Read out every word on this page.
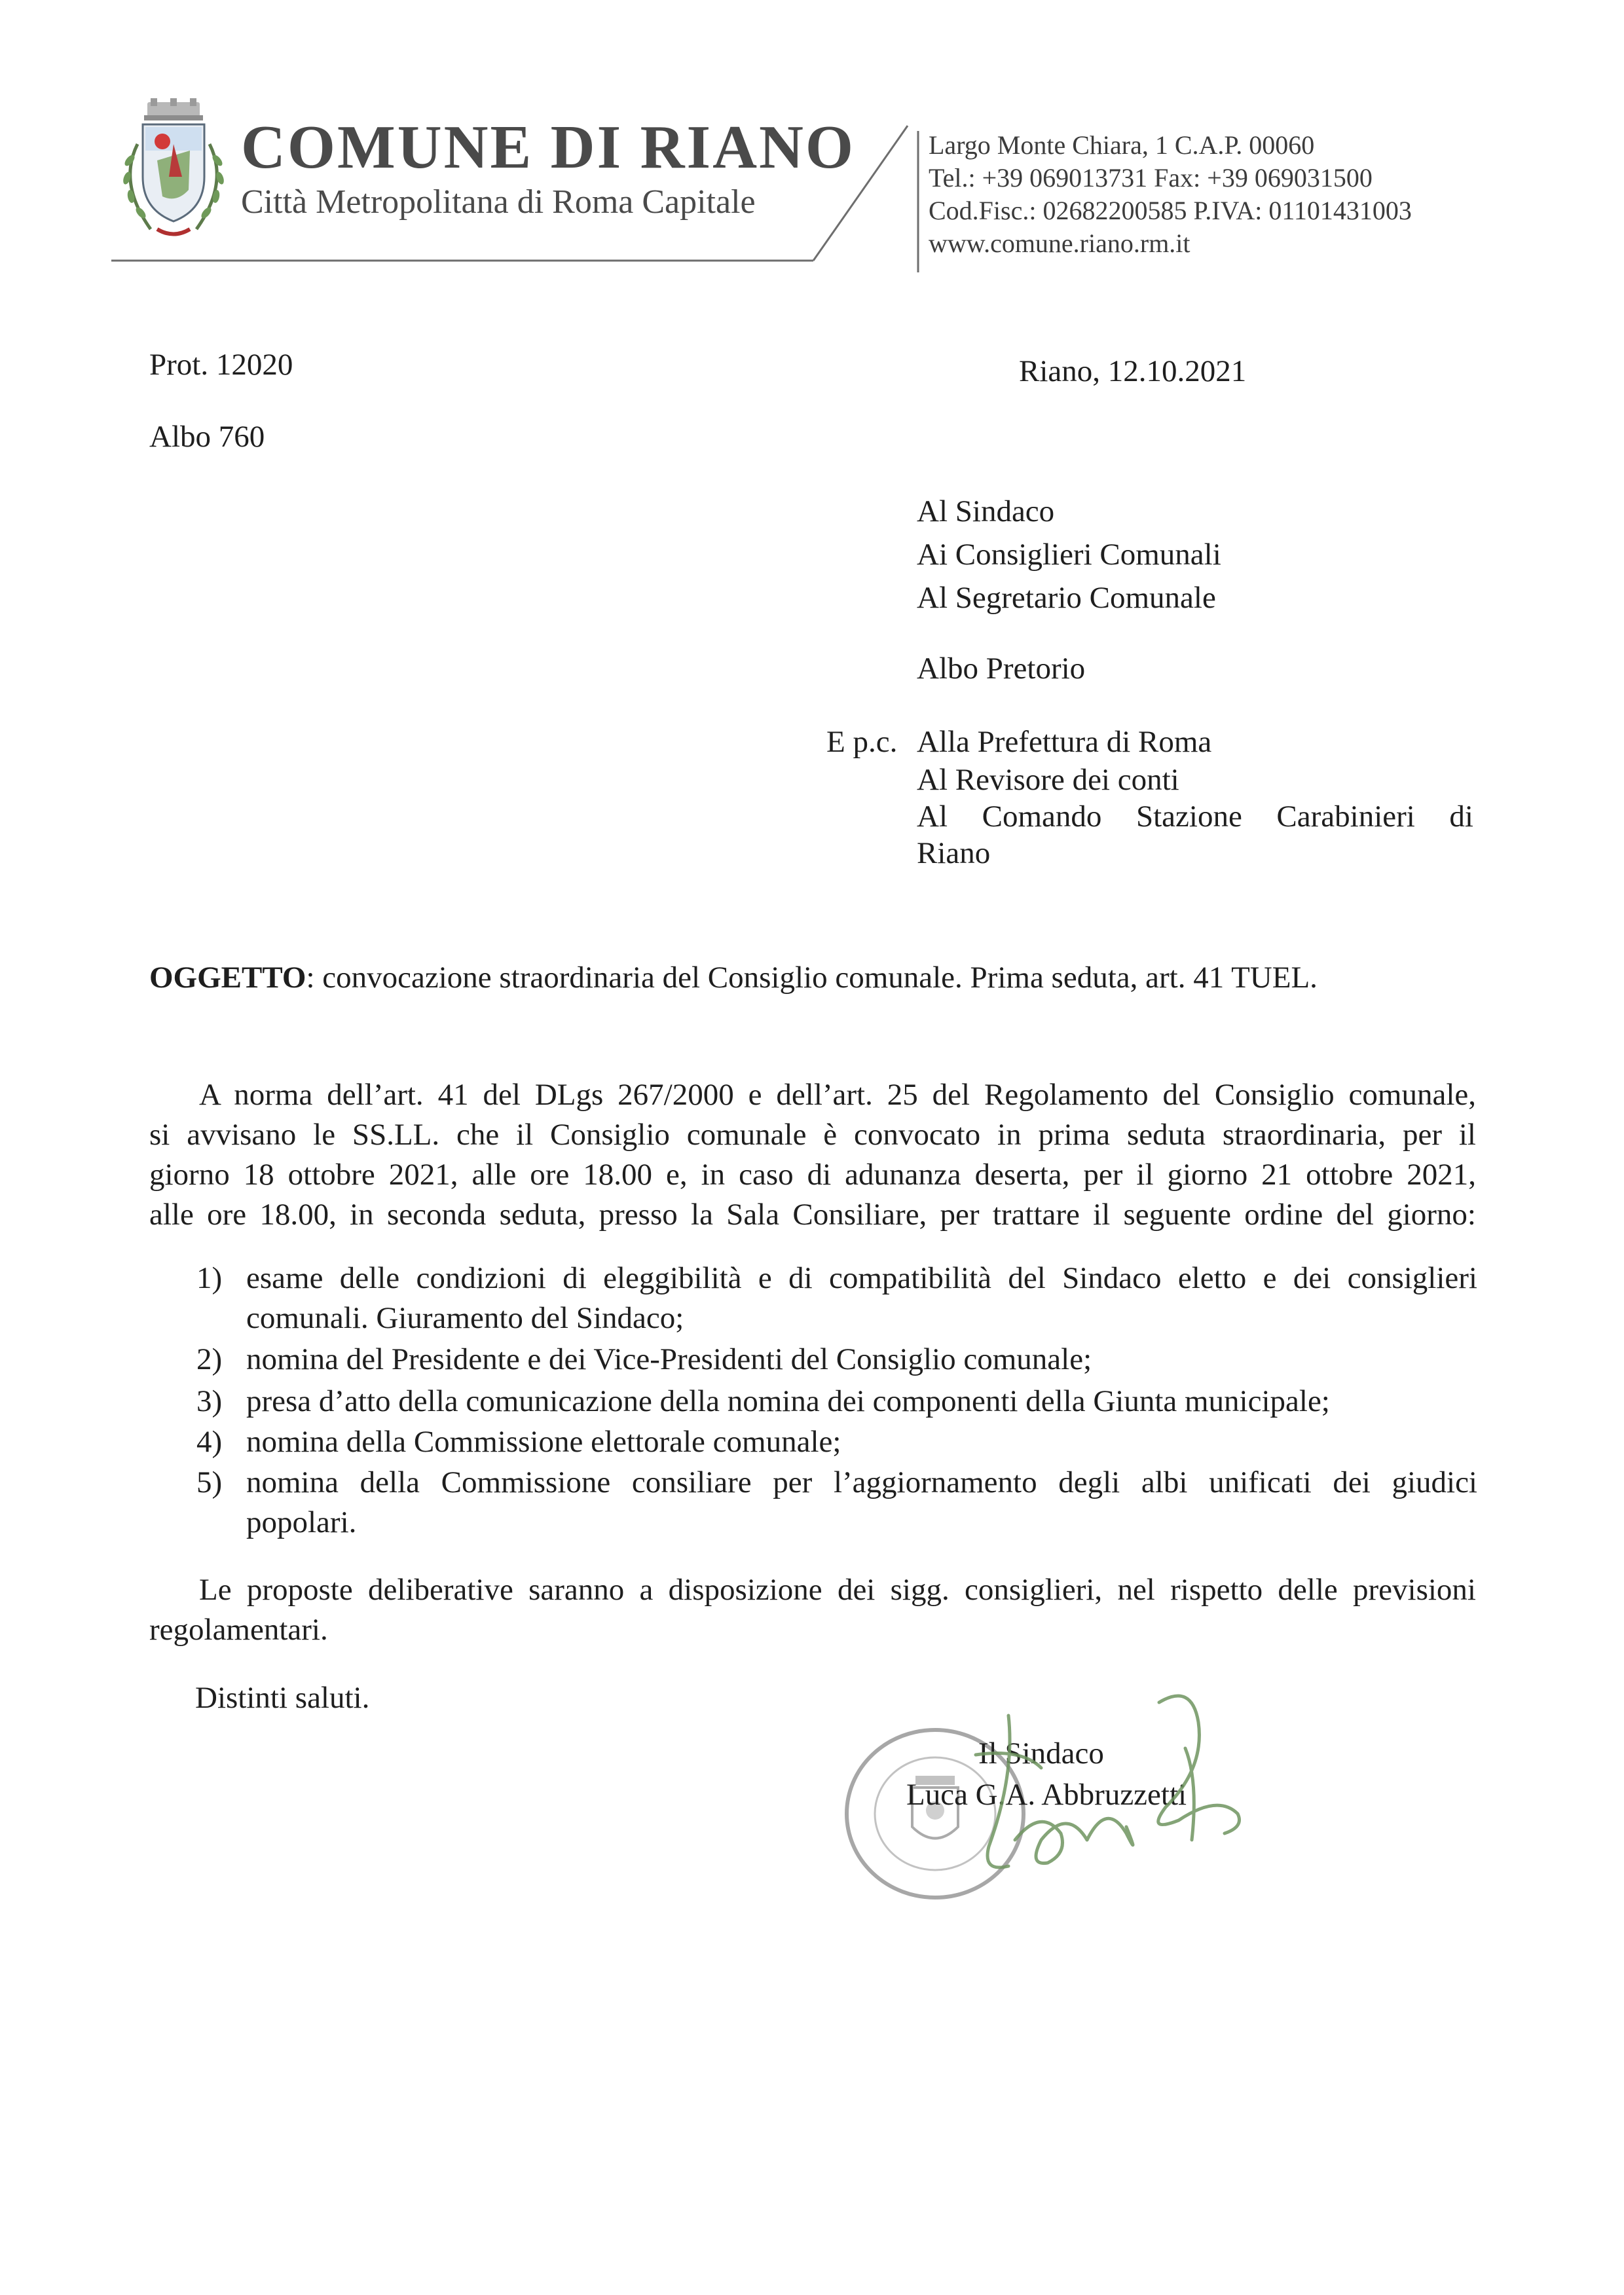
COMUNE DI RIANO
Città Metropolitana di Roma Capitale
Largo Monte Chiara, 1 C.A.P. 00060
Tel.: +39 069013731 Fax: +39 069031500
Cod.Fisc.: 02682200585 P.IVA: 01101431003
www.comune.riano.rm.it
Prot. 12020
Albo 760
Riano, 12.10.2021
Al Sindaco
Ai Consiglieri Comunali
Al Segretario Comunale
Albo Pretorio
E p.c. Alla Prefettura di Roma
Al Revisore dei conti
Al Comando Stazione Carabinieri di
Riano
OGGETTO: convocazione straordinaria del Consiglio comunale. Prima seduta, art. 41 TUEL.
A norma dell’art. 41 del DLgs 267/2000 e dell’art. 25 del Regolamento del Consiglio comunale,
si avvisano le SS.LL. che il Consiglio comunale è convocato in prima seduta straordinaria, per il
giorno 18 ottobre 2021, alle ore 18.00 e, in caso di adunanza deserta, per il giorno 21 ottobre 2021,
alle ore 18.00, in seconda seduta, presso la Sala Consiliare, per trattare il seguente ordine del giorno:
1) esame delle condizioni di eleggibilità e di compatibilità del Sindaco eletto e dei consiglieri
comunali. Giuramento del Sindaco;
2) nomina del Presidente e dei Vice-Presidenti del Consiglio comunale;
3) presa d’atto della comunicazione della nomina dei componenti della Giunta municipale;
4) nomina della Commissione elettorale comunale;
5) nomina della Commissione consiliare per l’aggiornamento degli albi unificati dei giudici
popolari.
Le proposte deliberative saranno a disposizione dei sigg. consiglieri, nel rispetto delle previsioni
regolamentari.
Distinti saluti.
Il Sindaco
Luca G.A. Abbruzzetti
